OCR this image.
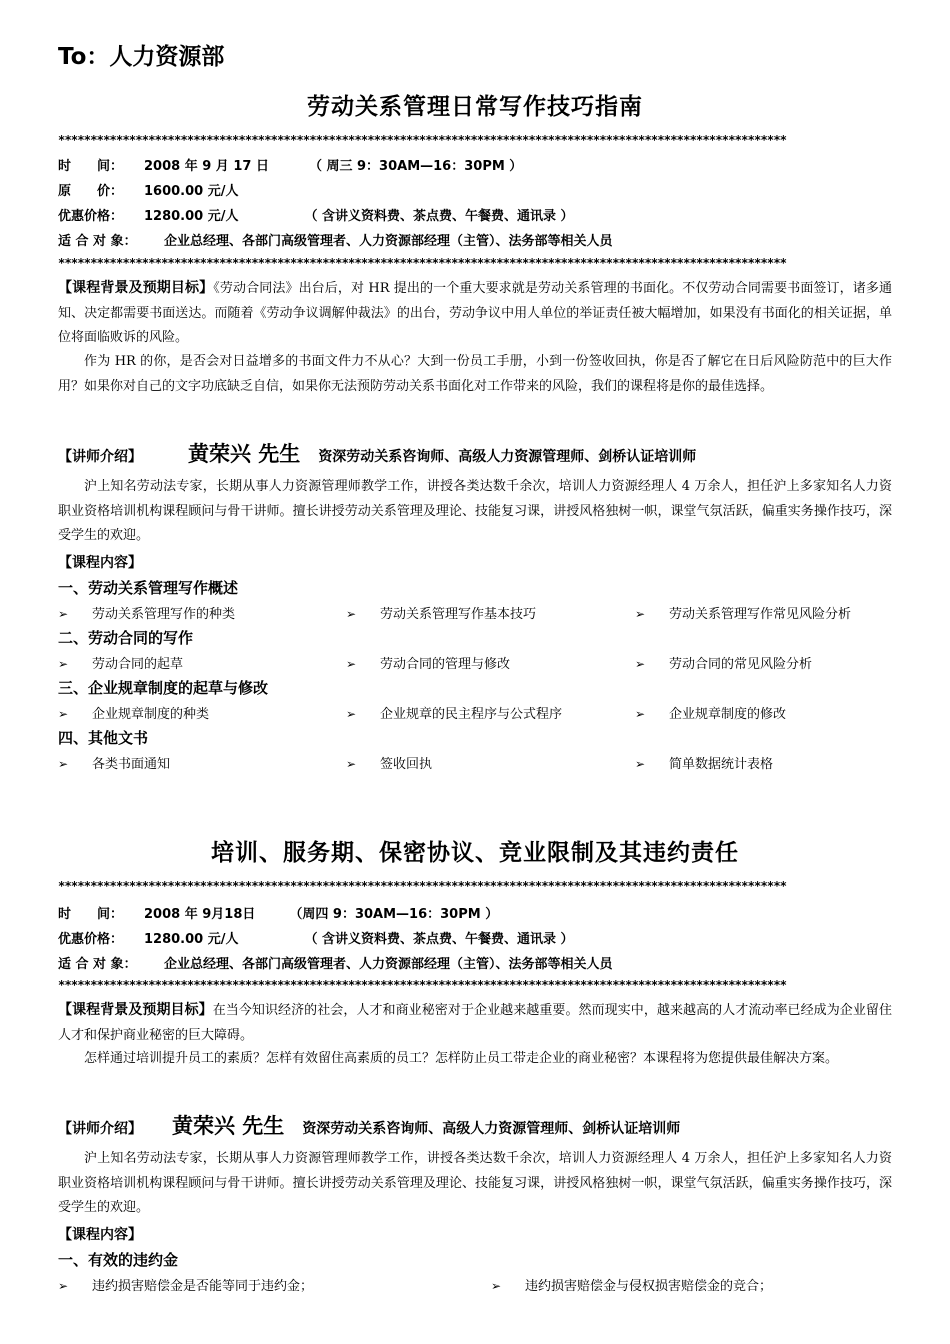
To：人力资源部
劳动关系管理日常写作技巧指南
*****************************************************************************************************************
时　　间： 2008 年 9 月 17 日	（ 周三 9：30AM—16：30PM ）
原　　价： 1600.00 元/人
优惠价格： 1280.00 元/人	（ 含讲义资料费、茶点费、午餐费、通讯录 ）
适 合 对 象： 企业总经理、各部门高级管理者、人力资源部经理（主管）、法务部等相关人员
*****************************************************************************************************************
【课程背景及预期目标】《劳动合同法》出台后，对 HR 提出的一个重大要求就是劳动关系管理的书面化。不仅劳动合同需要书面签订，诸多通知、决定都需要书面送达。而随着《劳动争议调解仲裁法》的出台，劳动争议中用人单位的举证责任被大幅增加，如果没有书面化的相关证据，单位将面临败诉的风险。
作为 HR 的你，是否会对日益增多的书面文件力不从心？大到一份员工手册，小到一份签收回执，你是否了解它在日后风险防范中的巨大作用？如果你对自己的文字功底缺乏自信，如果你无法预防劳动关系书面化对工作带来的风险，我们的课程将是你的最佳选择。
【讲师介绍】 黄荣兴 先生 资深劳动关系咨询师、高级人力资源管理师、剑桥认证培训师
沪上知名劳动法专家，长期从事人力资源管理师教学工作，讲授各类达数千余次，培训人力资源经理人 4 万余人，担任沪上多家知名人力资职业资格培训机构课程顾问与骨干讲师。擅长讲授劳动关系管理及理论、技能复习课，讲授风格独树一帜，课堂气氛活跃，偏重实务操作技巧，深受学生的欢迎。
【课程内容】
一、劳动关系管理写作概述
➢ 劳动关系管理写作的种类	➢ 劳动关系管理写作基本技巧	➢ 劳动关系管理写作常见风险分析
二、劳动合同的写作
➢ 劳动合同的起草	➢ 劳动合同的管理与修改	➢ 劳动合同的常见风险分析
三、企业规章制度的起草与修改
➢ 企业规章制度的种类	➢ 企业规章的民主程序与公式程序	➢ 企业规章制度的修改
四、其他文书
➢ 各类书面通知	➢ 签收回执	➢ 简单数据统计表格
培训、服务期、保密协议、竞业限制及其违约责任
*****************************************************************************************************************
时　　间： 2008 年 9月18日	（周四 9：30AM—16：30PM ）
优惠价格： 1280.00 元/人	（ 含讲义资料费、茶点费、午餐费、通讯录 ）
适 合 对 象： 企业总经理、各部门高级管理者、人力资源部经理（主管）、法务部等相关人员
*****************************************************************************************************************
【课程背景及预期目标】在当今知识经济的社会，人才和商业秘密对于企业越来越重要。然而现实中，越来越高的人才流动率已经成为企业留住人才和保护商业秘密的巨大障碍。
怎样通过培训提升员工的素质？怎样有效留住高素质的员工？怎样防止员工带走企业的商业秘密？本课程将为您提供最佳解决方案。
【讲师介绍】 黄荣兴 先生 资深劳动关系咨询师、高级人力资源管理师、剑桥认证培训师
沪上知名劳动法专家，长期从事人力资源管理师教学工作，讲授各类达数千余次，培训人力资源经理人 4 万余人，担任沪上多家知名人力资职业资格培训机构课程顾问与骨干讲师。擅长讲授劳动关系管理及理论、技能复习课，讲授风格独树一帜，课堂气氛活跃，偏重实务操作技巧，深受学生的欢迎。
【课程内容】
一、有效的违约金
➢ 违约损害赔偿金是否能等同于违约金；	➢ 违约损害赔偿金与侵权损害赔偿金的竞合；
